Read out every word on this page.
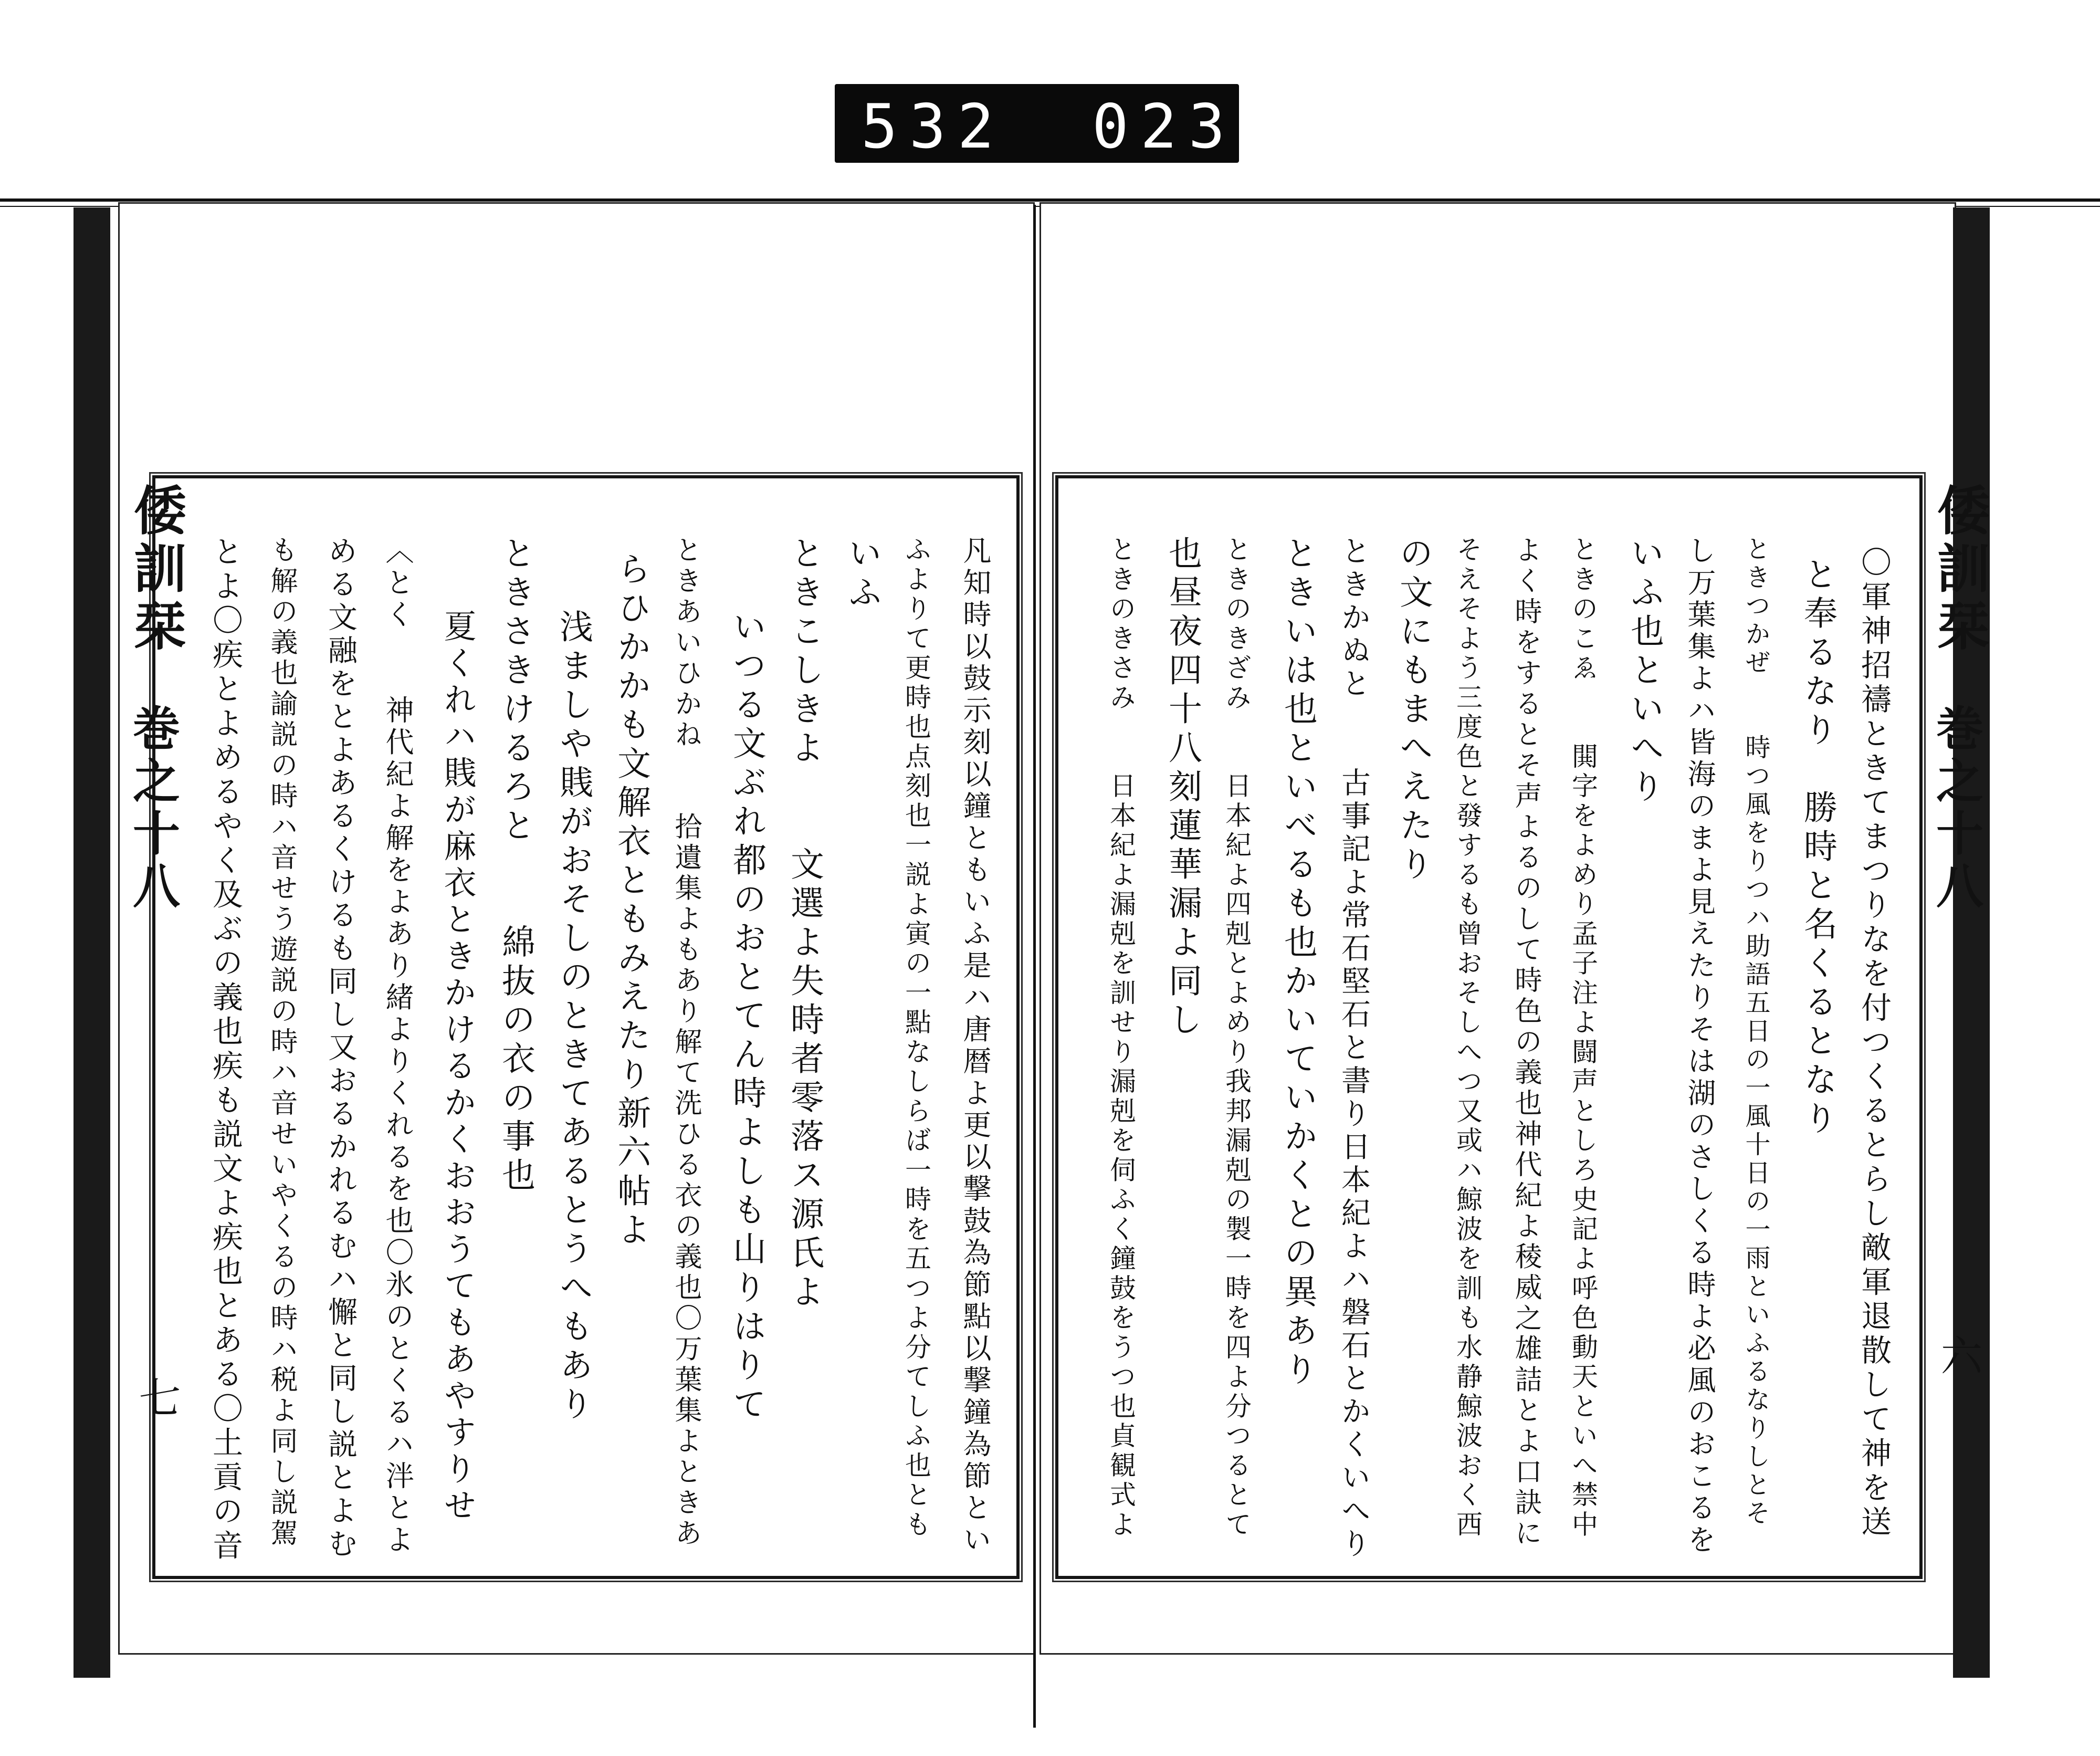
532 023
倭訓栞
巻之十八
七
倭訓栞
巻之十八
六
凡知時以鼓示刻以鐘ともいふ是ハ唐暦よ更以撃鼓為節點以撃鐘為節とい
ふよりて更時也点刻也一説よ寅の一點なしらば一時を五つよ分てしふ也とも
いふ
ときこしきよ　　文選よ失時者零落ス源氏よ
いつる文ぶれ都のおとてん時よしも山りはりて
ときあいひかね　　拾遺集よもあり解て洗ひる衣の義也〇万葉集よときあ
らひかかも文解衣ともみえたり新六帖よ
浅ましや賎がおそしのときてあるとうへもあり
ときさきけるろと　　綿抜の衣の事也
夏くれハ賎が麻衣ときかけるかくおおうてもあやすりせ
〈とく　　神代紀よ解をよあり緒よりくれるを也〇氷のとくるハ泮とよ
める文融をとよあるくけるも同し又おるかれるむハ懈と同し説とよむ
も解の義也諭説の時ハ音せう遊説の時ハ音せいやくるの時ハ税よ同し説駕
とよ〇疾とよめるやく及ぶの義也疾も説文よ疾也とある〇土貢の音	〇軍神招禱ときてまつりなを付つくるとらし敵軍退散して神を送
と奉るなり　勝時と名くるとなり
ときつかぜ　　時つ風をりつハ助語五日の一風十日の一雨といふるなりしとそ
し万葉集よハ皆海のまよ見えたりそは湖のさしくる時よ必風のおこるを
いふ也といへり
ときのこゑ　　閧字をよめり孟子注よ闘声としろ史記よ呼色動天といへ禁中
よく時をするとそ声よるのして時色の義也神代紀よ稜威之雄詰とよ口訣に
そえそよう三度色と發するも曾おそしへつ又或ハ鯨波を訓も水静鯨波おく西
の文にもまへえたり
ときかぬと　　古事記よ常石堅石と書り日本紀よハ磐石とかくいへり
ときいは也といべるも也かいていかくとの異あり
ときのきざみ　　日本紀よ四剋とよめり我邦漏剋の製一時を四よ分つるとて
也昼夜四十八刻蓮華漏よ同し
ときのきさみ　　日本紀よ漏剋を訓せり漏剋を伺ふく鐘鼓をうつ也貞観式よ
